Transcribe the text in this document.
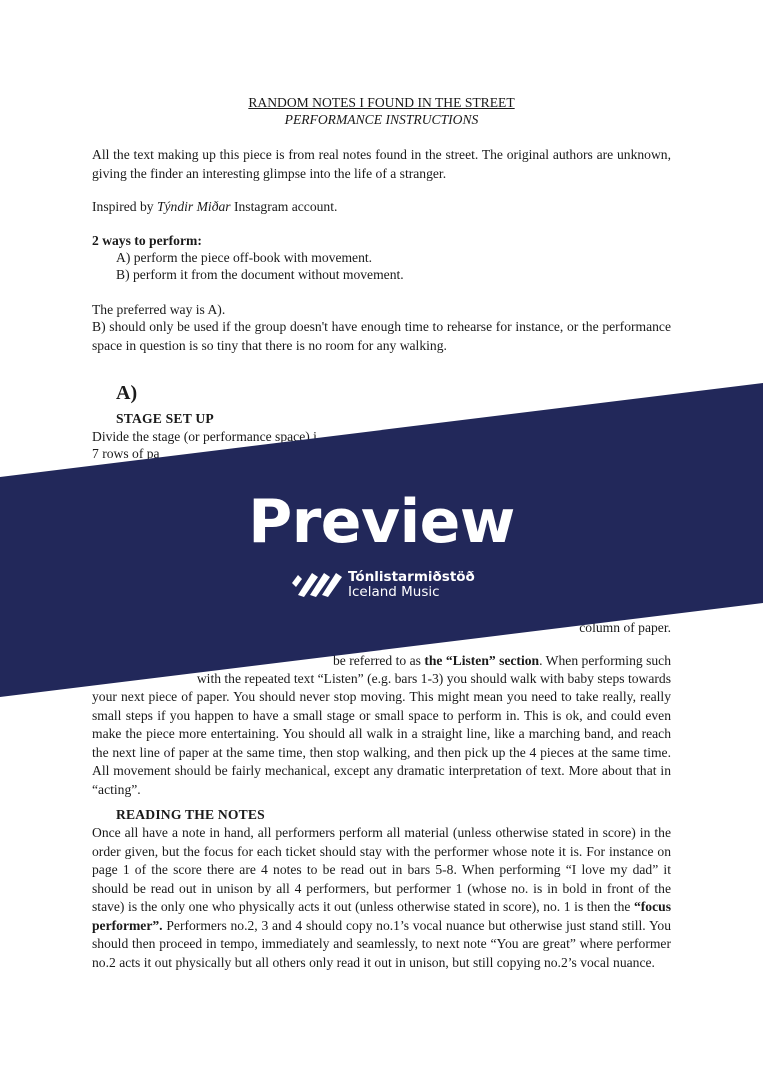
RANDOM NOTES I FOUND IN THE STREET
PERFORMANCE INSTRUCTIONS
All the text making up this piece is from real notes found in the street. The original authors are unknown, giving the finder an interesting glimpse into the life of a stranger.
Inspired by Týndir Miðar Instagram account.
2 ways to perform:
A) perform the piece off-book with movement.
B) perform it from the document without movement.
The preferred way is A).
B) should only be used if the group doesn't have enough time to rehearse for instance, or the performance space in question is so tiny that there is no room for any walking.
A)
STAGE SET UP
Divide the stage (or performance space) i
7 rows of pa
column of paper.
be referred to as the “Listen” section. When performing such
with the repeated text “Listen” (e.g. bars 1-3) you should walk with baby steps towards
your next piece of paper. You should never stop moving. This might mean you need to take really, really small steps if you happen to have a small stage or small space to perform in. This is ok, and could even make the piece more entertaining. You should all walk in a straight line, like a marching band, and reach the next line of paper at the same time, then stop walking, and then pick up the 4 pieces at the same time. All movement should be fairly mechanical, except any dramatic interpretation of text. More about that in “acting”.
READING THE NOTES
Once all have a note in hand, all performers perform all material (unless otherwise stated in score) in the order given, but the focus for each ticket should stay with the performer whose note it is. For instance on page 1 of the score there are 4 notes to be read out in bars 5-8. When performing “I love my dad” it should be read out in unison by all 4 performers, but performer 1 (whose no. is in bold in front of the stave) is the only one who physically acts it out (unless otherwise stated in score), no. 1 is then the “focus performer”. Performers no.2, 3 and 4 should copy no.1’s vocal nuance but otherwise just stand still. You should then proceed in tempo, immediately and seamlessly, to next note “You are great” where performer no.2 acts it out physically but all others only read it out in unison, but still copying no.2’s vocal nuance.
Preview
Tónlistarmiðstöð
Iceland Music
